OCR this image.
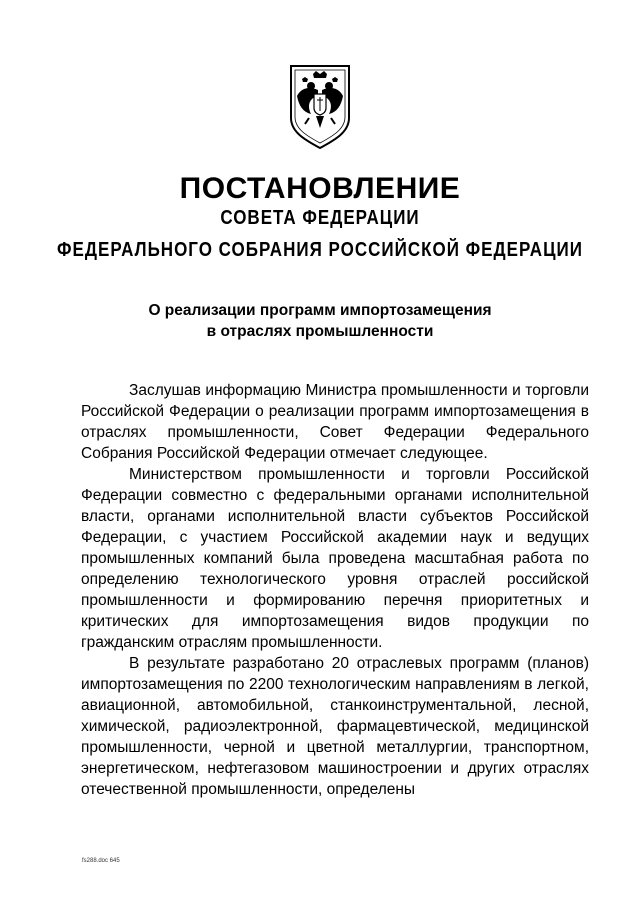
ПОСТАНОВЛЕНИЕ
СОВЕТА ФЕДЕРАЦИИ
ФЕДЕРАЛЬНОГО СОБРАНИЯ РОССИЙСКОЙ ФЕДЕРАЦИИ
О реализации программ импортозамещения
в отраслях промышленности

Заслушав информацию Министра промышленности и торговли Российской Федерации о реализации программ импортозамещения в отраслях промышленности, Совет Федерации Федерального Собрания Российской Федерации отмечает следующее.

Министерством промышленности и торговли Российской Федерации совместно с федеральными органами исполнительной власти, органами исполнительной власти субъектов Российской Федерации, с участием Российской академии наук и ведущих промышленных компаний была проведена масштабная работа по определению технологического уровня отраслей российской промышленности и формированию перечня приоритетных и критических для импортозамещения видов продукции по гражданским отраслям промышленности.

В результате разработано 20 отраслевых программ (планов) импортозамещения по 2200 технологическим направлениям в легкой, авиационной, автомобильной, станкоинструментальной, лесной, химической, радиоэлектронной, фармацевтической, медицинской промышленности, черной и цветной металлургии, транспортном, энергетическом, нефтегазовом машиностроении и других отраслях отечественной промышленности, определены

fs288.doc 645
